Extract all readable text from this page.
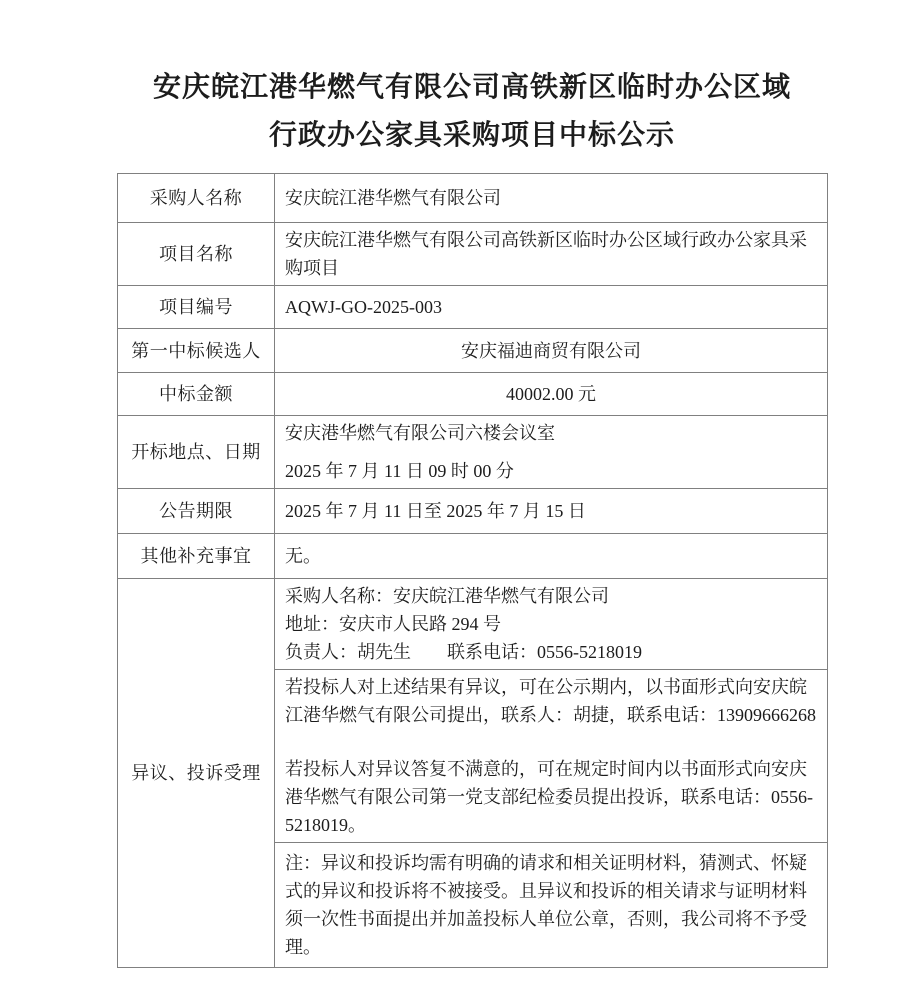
安庆皖江港华燃气有限公司高铁新区临时办公区域
行政办公家具采购项目中标公示
采购人名称	安庆皖江港华燃气有限公司
项目名称	安庆皖江港华燃气有限公司高铁新区临时办公区域行政办公家具采购项目
项目编号	AQWJ-GO-2025-003
第一中标候选人	安庆福迪商贸有限公司
中标金额	40002.00 元
开标地点、日期	安庆港华燃气有限公司六楼会议室

2025 年 7 月 11 日 09 时 00 分

公告期限	2025 年 7 月 11 日至 2025 年 7 月 15 日
其他补充事宜	无。
异议、投诉受理	采购人名称：安庆皖江港华燃气有限公司

地址：安庆市人民路 294 号

负责人：胡先生　　联系电话：0556-5218019

	若投标人对上述结果有异议，可在公示期内，以书面形式向安庆皖江港华燃气有限公司提出，联系人：胡捷，联系电话：13909666268

若投标人对异议答复不满意的，可在规定时间内以书面形式向安庆港华燃气有限公司第一党支部纪检委员提出投诉，联系电话：0556-5218019。

	注：异议和投诉均需有明确的请求和相关证明材料，猜测式、怀疑式的异议和投诉将不被接受。且异议和投诉的相关请求与证明材料须一次性书面提出并加盖投标人单位公章，否则，我公司将不予受理。
